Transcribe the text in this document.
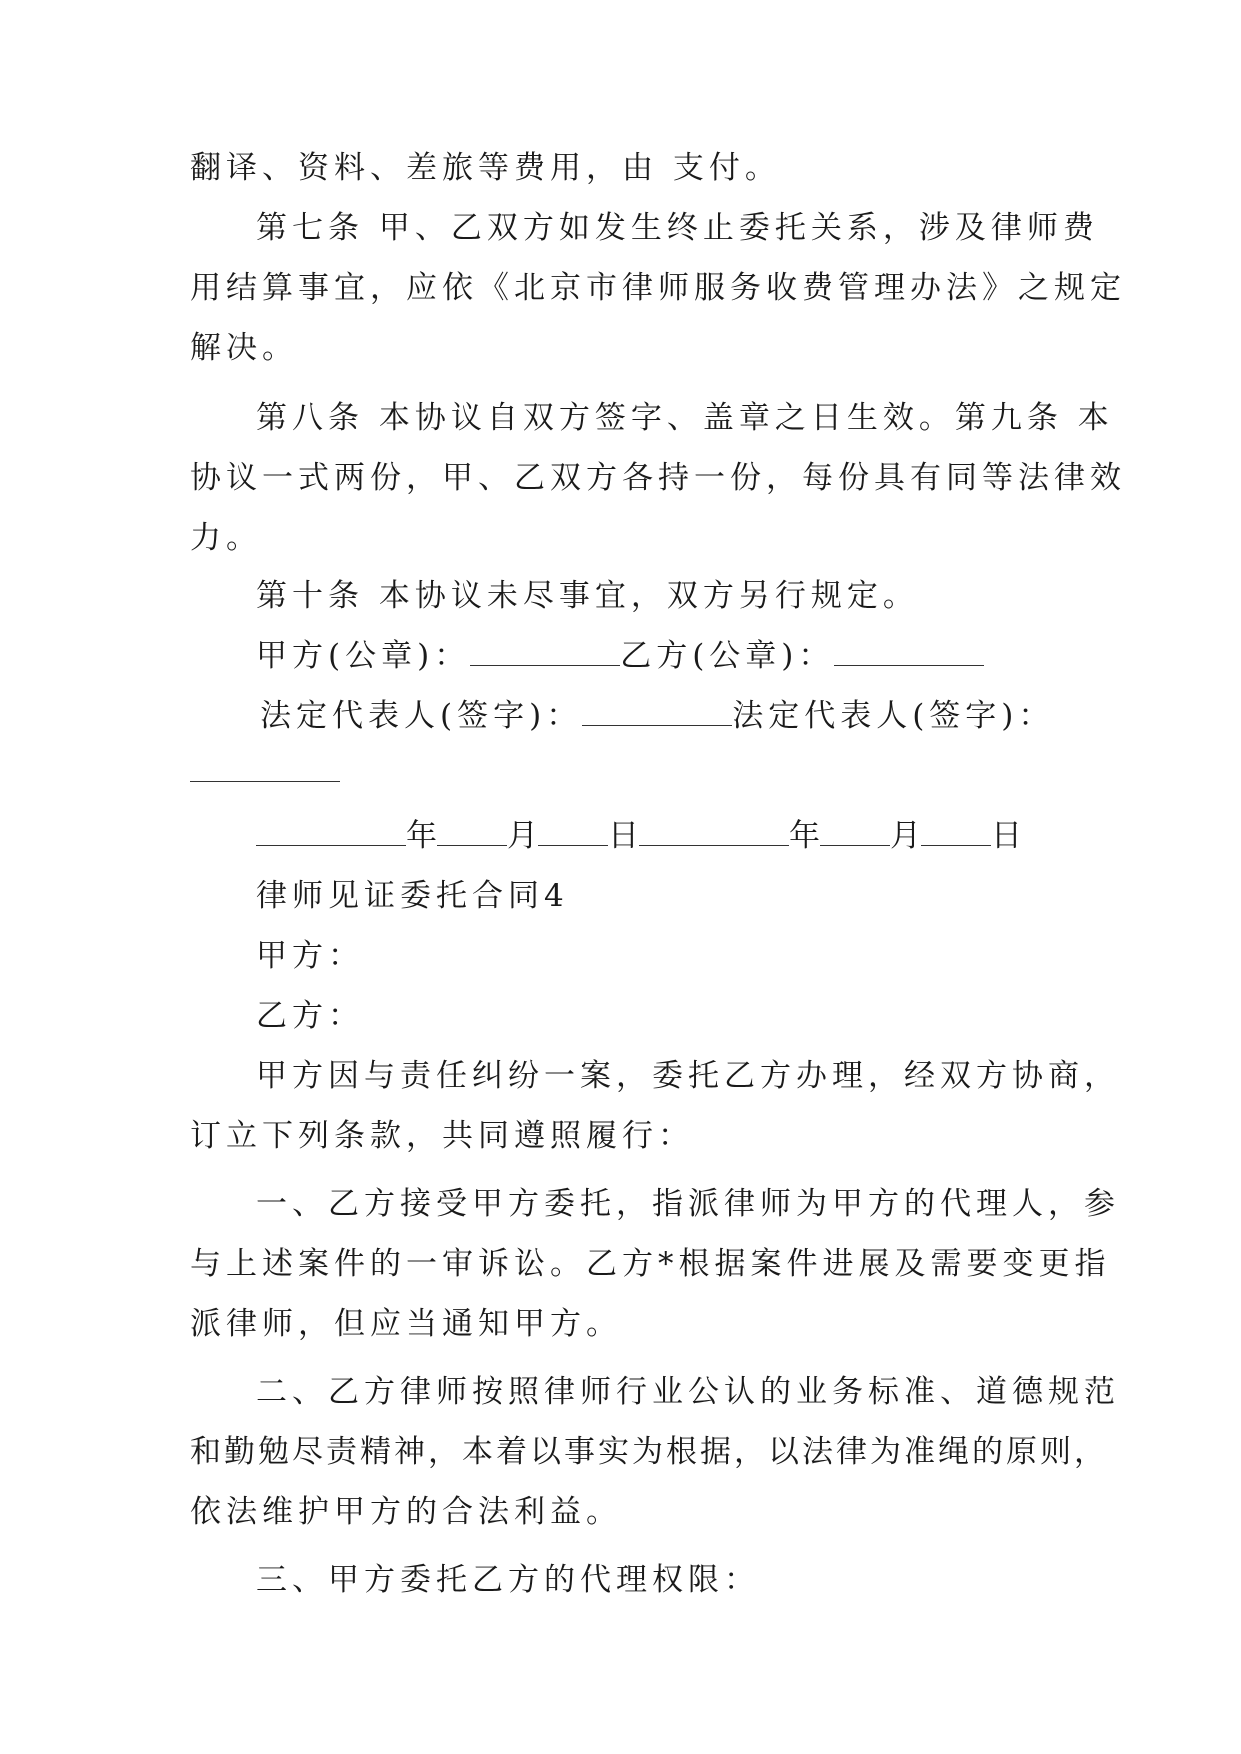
翻译、资料、差旅等费用，由 支付。
第七条 甲、乙双方如发生终止委托关系，涉及律师费
用结算事宜，应依《北京市律师服务收费管理办法》之规定
解决。
第八条 本协议自双方签字、盖章之日生效。第九条 本
协议一式两份，甲、乙双方各持一份，每份具有同等法律效
力。
第十条 本协议未尽事宜，双方另行规定。
甲方(公章)：	乙方(公章)：
法定代表人(签字)：	法定代表人(签字)：
年 月 日	年 月 日
律师见证委托合同4
甲方：
乙方：
甲方因与责任纠纷一案，委托乙方办理，经双方协商，
订立下列条款，共同遵照履行：
一、乙方接受甲方委托，指派律师为甲方的代理人，参
与上述案件的一审诉讼。乙方*根据案件进展及需要变更指
派律师，但应当通知甲方。
二、乙方律师按照律师行业公认的业务标准、道德规范
和勤勉尽责精神，本着以事实为根据，以法律为准绳的原则，
依法维护甲方的合法利益。
三、甲方委托乙方的代理权限：
